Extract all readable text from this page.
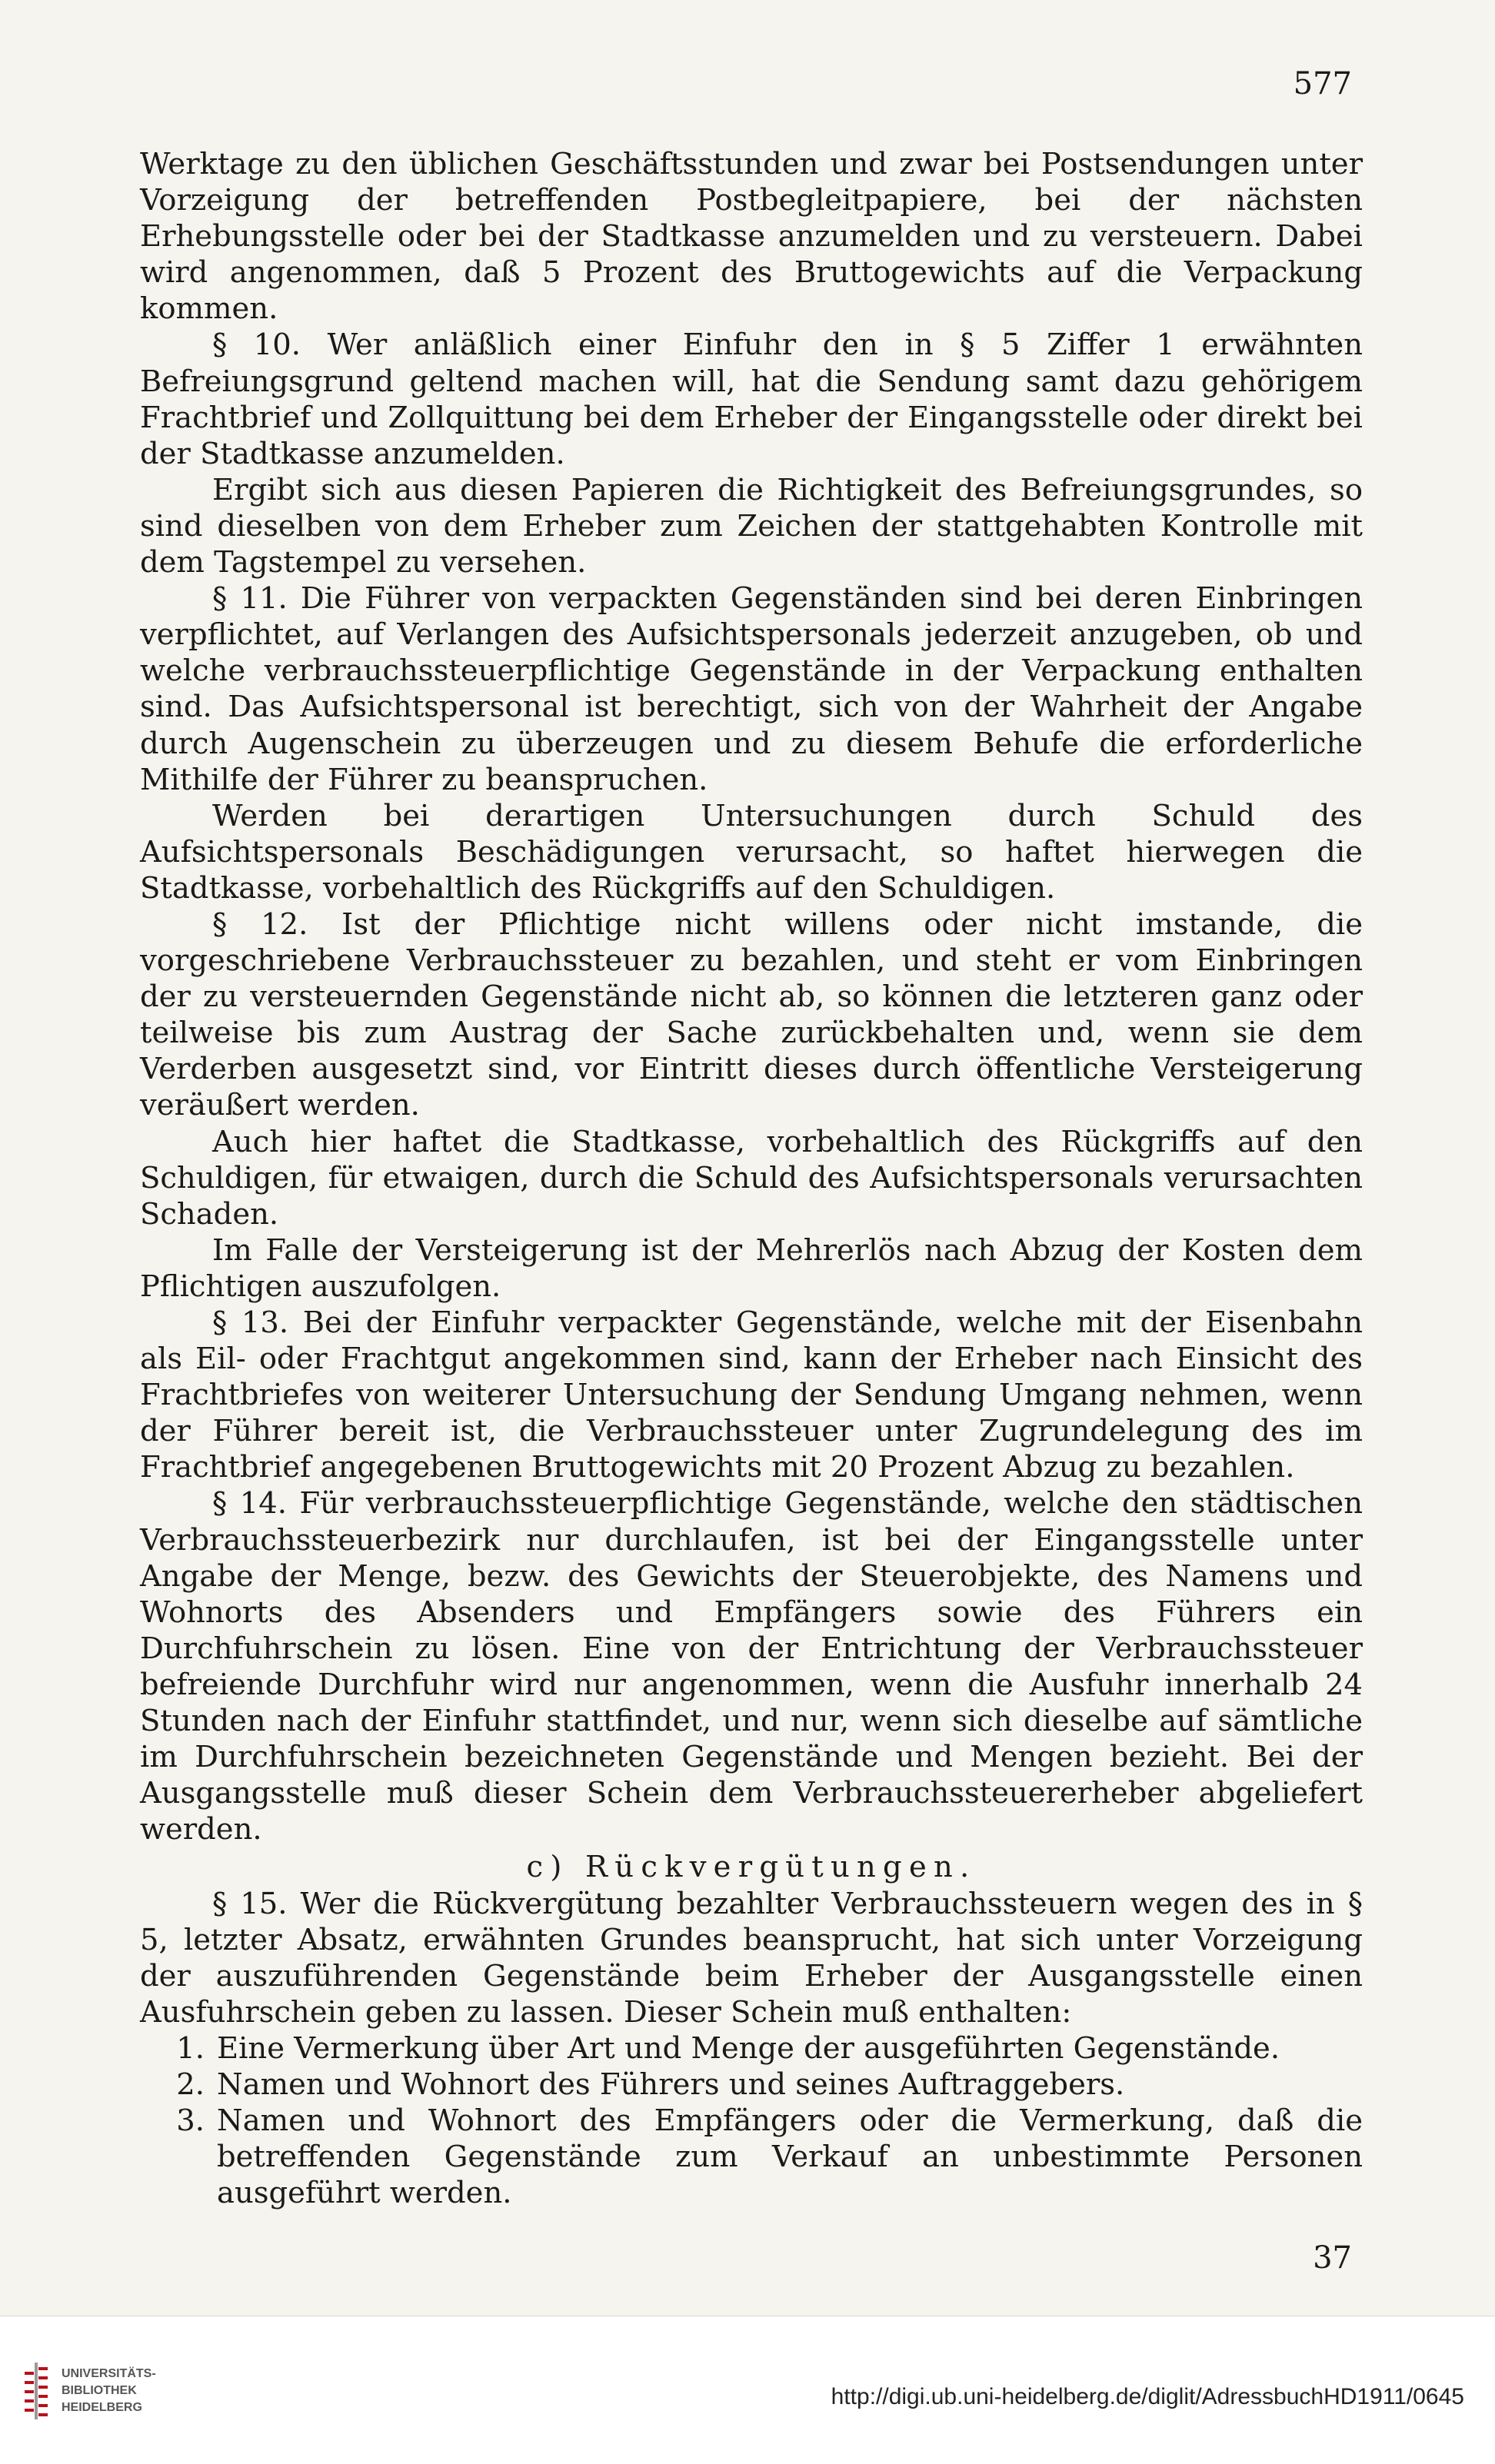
577

Werktage zu den üblichen Geschäftsstunden und zwar bei Postsendungen unter Vorzeigung der betreffenden Postbegleitpapiere, bei der nächsten Erhebungsstelle oder bei der Stadtkasse anzumelden und zu versteuern. Dabei wird angenommen, daß 5 Prozent des Bruttogewichts auf die Verpackung kommen.

§ 10. Wer anläßlich einer Einfuhr den in § 5 Ziffer 1 erwähnten Befreiungsgrund geltend machen will, hat die Sendung samt dazu gehörigem Frachtbrief und Zollquittung bei dem Erheber der Eingangsstelle oder direkt bei der Stadtkasse anzumelden.

Ergibt sich aus diesen Papieren die Richtigkeit des Befreiungsgrundes, so sind dieselben von dem Erheber zum Zeichen der stattgehabten Kontrolle mit dem Tagstempel zu versehen.

§ 11. Die Führer von verpackten Gegenständen sind bei deren Einbringen verpflichtet, auf Verlangen des Aufsichtspersonals jederzeit anzugeben, ob und welche verbrauchssteuerpflichtige Gegenstände in der Verpackung enthalten sind. Das Aufsichtspersonal ist berechtigt, sich von der Wahrheit der Angabe durch Augenschein zu überzeugen und zu diesem Behufe die erforderliche Mithilfe der Führer zu beanspruchen.

Werden bei derartigen Untersuchungen durch Schuld des Aufsichtspersonals Beschädigungen verursacht, so haftet hierwegen die Stadtkasse, vorbehaltlich des Rückgriffs auf den Schuldigen.

§ 12. Ist der Pflichtige nicht willens oder nicht imstande, die vorgeschriebene Verbrauchssteuer zu bezahlen, und steht er vom Einbringen der zu versteuernden Gegenstände nicht ab, so können die letzteren ganz oder teilweise bis zum Austrag der Sache zurückbehalten und, wenn sie dem Verderben ausgesetzt sind, vor Eintritt dieses durch öffentliche Versteigerung veräußert werden.

Auch hier haftet die Stadtkasse, vorbehaltlich des Rückgriffs auf den Schuldigen, für etwaigen, durch die Schuld des Aufsichtspersonals verursachten Schaden.

Im Falle der Versteigerung ist der Mehrerlös nach Abzug der Kosten dem Pflichtigen auszufolgen.

§ 13. Bei der Einfuhr verpackter Gegenstände, welche mit der Eisenbahn als Eil- oder Frachtgut angekommen sind, kann der Erheber nach Einsicht des Frachtbriefes von weiterer Untersuchung der Sendung Umgang nehmen, wenn der Führer bereit ist, die Verbrauchssteuer unter Zugrundelegung des im Frachtbrief angegebenen Bruttogewichts mit 20 Prozent Abzug zu bezahlen.

§ 14. Für verbrauchssteuerpflichtige Gegenstände, welche den städtischen Verbrauchssteuerbezirk nur durchlaufen, ist bei der Eingangsstelle unter Angabe der Menge, bezw. des Gewichts der Steuerobjekte, des Namens und Wohnorts des Absenders und Empfängers sowie des Führers ein Durchfuhrschein zu lösen. Eine von der Entrichtung der Verbrauchssteuer befreiende Durchfuhr wird nur angenommen, wenn die Ausfuhr innerhalb 24 Stunden nach der Einfuhr stattfindet, und nur, wenn sich dieselbe auf sämtliche im Durchfuhrschein bezeichneten Gegenstände und Mengen bezieht. Bei der Ausgangsstelle muß dieser Schein dem Verbrauchssteuererheber abgeliefert werden.

c) Rückvergütungen.

§ 15. Wer die Rückvergütung bezahlter Verbrauchssteuern wegen des in § 5, letzter Absatz, erwähnten Grundes beansprucht, hat sich unter Vorzeigung der auszuführenden Gegenstände beim Erheber der Ausgangsstelle einen Ausfuhrschein geben zu lassen. Dieser Schein muß enthalten:

1. Eine Vermerkung über Art und Menge der ausgeführten Gegenstände.
2. Namen und Wohnort des Führers und seines Auftraggebers.
3. Namen und Wohnort des Empfängers oder die Vermerkung, daß die betreffenden Gegenstände zum Verkauf an unbestimmte Personen ausgeführt werden.
37
UNIVERSITÄTS-
BIBLIOTHEK
HEIDELBERG	http://digi.ub.uni-heidelberg.de/diglit/AdressbuchHD1911/0645
